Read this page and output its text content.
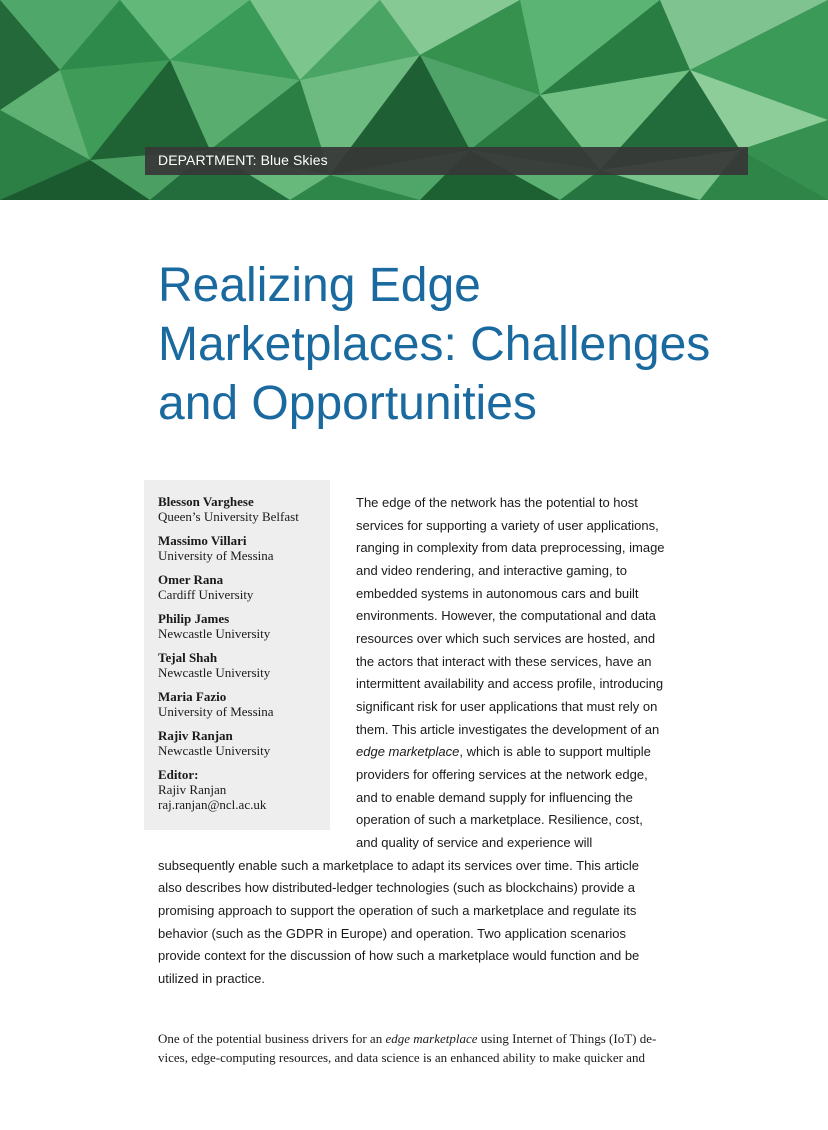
DEPARTMENT: Blue Skies
Realizing Edge
Marketplaces: Challenges
and Opportunities
Blesson Varghese
Queen’s University Belfast
Massimo Villari
University of Messina
Omer Rana
Cardiff University
Philip James
Newcastle University
Tejal Shah
Newcastle University
Maria Fazio
University of Messina
Rajiv Ranjan
Newcastle University
Editor:
Rajiv Ranjan
raj.ranjan@ncl.ac.uk
The edge of the network has the potential to host
services for supporting a variety of user applications,
ranging in complexity from data preprocessing, image
and video rendering, and interactive gaming, to
embedded systems in autonomous cars and built
environments. However, the computational and data
resources over which such services are hosted, and
the actors that interact with these services, have an
intermittent availability and access profile, introducing
significant risk for user applications that must rely on
them. This article investigates the development of an
edge marketplace, which is able to support multiple
providers for offering services at the network edge,
and to enable demand supply for influencing the
operation of such a marketplace. Resilience, cost,
and quality of service and experience will
subsequently enable such a marketplace to adapt its services over time. This article
also describes how distributed-ledger technologies (such as blockchains) provide a
promising approach to support the operation of such a marketplace and regulate its
behavior (such as the GDPR in Europe) and operation. Two application scenarios
provide context for the discussion of how such a marketplace would function and be
utilized in practice.
One of the potential business drivers for an edge marketplace using Internet of Things (IoT) de-
vices, edge-computing resources, and data science is an enhanced ability to make quicker and
